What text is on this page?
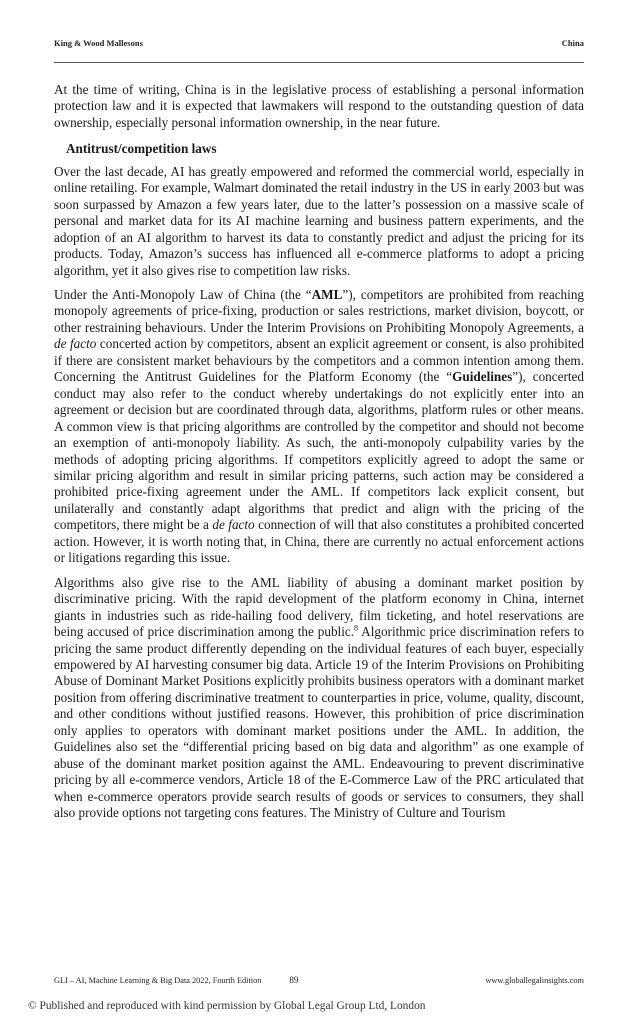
King & Wood Mallesons	China

At the time of writing, China is in the legislative process of establishing a personal information protection law and it is expected that lawmakers will respond to the outstanding question of data ownership, especially personal information ownership, in the near future.

Antitrust/competition laws

Over the last decade, AI has greatly empowered and reformed the commercial world, especially in online retailing. For example, Walmart dominated the retail industry in the US in early 2003 but was soon surpassed by Amazon a few years later, due to the latter’s possession on a massive scale of personal and market data for its AI machine learning and business pattern experiments, and the adoption of an AI algorithm to harvest its data to constantly predict and adjust the pricing for its products. Today, Amazon’s success has influenced all e-commerce platforms to adopt a pricing algorithm, yet it also gives rise to competition law risks.

Under the Anti-Monopoly Law of China (the “AML”), competitors are prohibited from reaching monopoly agreements of price-fixing, production or sales restrictions, market division, boycott, or other restraining behaviours. Under the Interim Provisions on Prohibiting Monopoly Agreements, a de facto concerted action by competitors, absent an explicit agreement or consent, is also prohibited if there are consistent market behaviours by the competitors and a common intention among them. Concerning the Antitrust Guidelines for the Platform Economy (the “Guidelines”), concerted conduct may also refer to the conduct whereby undertakings do not explicitly enter into an agreement or decision but are coordinated through data, algorithms, platform rules or other means. A common view is that pricing algorithms are controlled by the competitor and should not become an exemption of anti-monopoly liability. As such, the anti-monopoly culpability varies by the methods of adopting pricing algorithms. If competitors explicitly agreed to adopt the same or similar pricing algorithm and result in similar pricing patterns, such action may be considered a prohibited price-fixing agreement under the AML. If competitors lack explicit consent, but unilaterally and constantly adapt algorithms that predict and align with the pricing of the competitors, there might be a de facto connection of will that also constitutes a prohibited concerted action. However, it is worth noting that, in China, there are currently no actual enforcement actions or litigations regarding this issue.

Algorithms also give rise to the AML liability of abusing a dominant market position by discriminative pricing. With the rapid development of the platform economy in China, internet giants in industries such as ride-hailing food delivery, film ticketing, and hotel reservations are being accused of price discrimination among the public.$^8$ Algorithmic price discrimination refers to pricing the same product differently depending on the individual features of each buyer, especially empowered by AI harvesting consumer big data. Article 19 of the Interim Provisions on Prohibiting Abuse of Dominant Market Positions explicitly prohibits business operators with a dominant market position from offering discriminative treatment to counterparties in price, volume, quality, discount, and other conditions without justified reasons. However, this prohibition of price discrimination only applies to operators with dominant market positions under the AML. In addition, the Guidelines also set the “differential pricing based on big data and algorithm” as one example of abuse of the dominant market position against the AML. Endeavouring to prevent discriminative pricing by all e-commerce vendors, Article 18 of the E-Commerce Law of the PRC articulated that when e-commerce operators provide search results of goods or services to consumers, they shall also provide options not targeting cons features. The Ministry of Culture and Tourism

GLI – AI, Machine Learning & Big Data 2022, Fourth Edition	89	www.globallegalinsights.com
© Published and reproduced with kind permission by Global Legal Group Ltd, London
